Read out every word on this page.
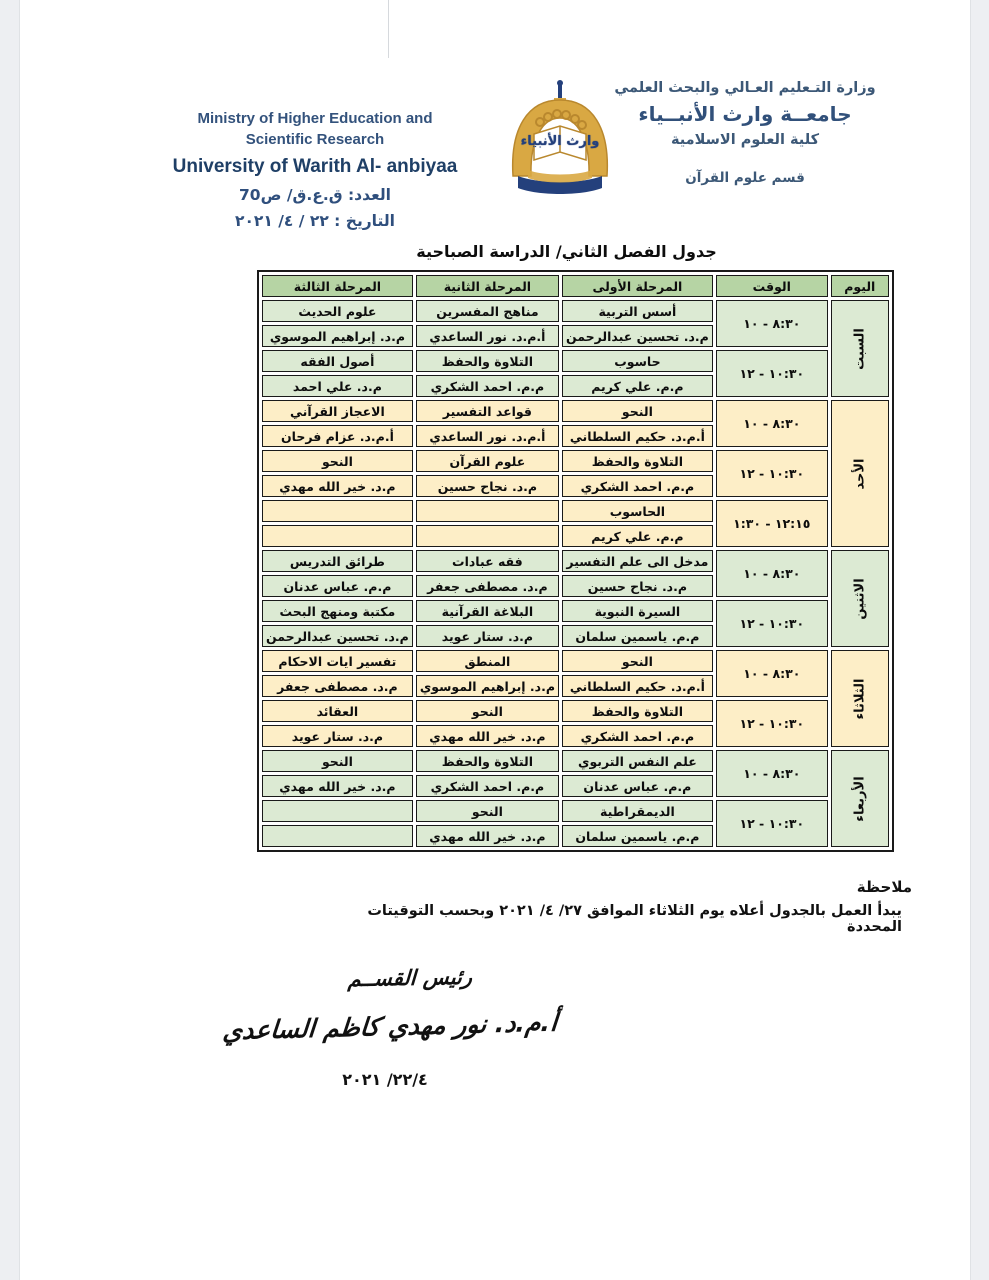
وزارة التـعليم العـالي والبحث العلمي
جامعــة وارث الأنبــياء
كلية العلوم الاسلامية
قسم علوم القرآن
وارث الأنبياء
Ministry of Higher Education and
Scientific Research
University of Warith Al- anbiyaa
العدد: ق.ع.ق/ ص70
التاريخ : ٢٢ / ٤/ ٢٠٢١
جدول الفصل الثاني/ الدراسة الصباحية
اليوم	الوقت	المرحلة الأولى	المرحلة الثانية	المرحلة الثالثة

السبت	٨:٣٠ - ١٠	أسس التربية	مناهج المفسرين	علوم الحديث
		م.د. تحسين عبدالرحمن	أ.م.د. نور الساعدي	م.د. إبراهيم الموسوي
	١٠:٣٠ - ١٢	حاسوب	التلاوة والحفظ	أصول الفقه
		م.م. علي كريم	م.م. احمد الشكري	م.د. علي احمد

الأحد	٨:٣٠ - ١٠	النحو	قواعد التفسير	الاعجاز القرآني
		أ.م.د. حكيم السلطاني	أ.م.د. نور الساعدي	أ.م.د. عزام فرحان
	١٠:٣٠ - ١٢	التلاوة والحفظ	علوم القرآن	النحو
		م.م. احمد الشكري	م.د. نجاح حسين	م.د. خير الله مهدي
	١٢:١٥ - ١:٣٠	الحاسوب		
		م.م. علي كريم		

الاثنين	٨:٣٠ - ١٠	مدخل الى علم التفسير	فقه عبادات	طرائق التدريس
		م.د. نجاح حسين	م.د. مصطفى جعفر	م.م. عباس عدنان
	١٠:٣٠ - ١٢	السيرة النبوية	البلاغة القرآنية	مكتبة ومنهج البحث
		م.م. ياسمين سلمان	م.د. ستار عويد	م.د. تحسين عبدالرحمن

الثلاثاء	٨:٣٠ - ١٠	النحو	المنطق	تفسير ايات الاحكام
		أ.م.د. حكيم السلطاني	م.د. إبراهيم الموسوي	م.د. مصطفى جعفر
	١٠:٣٠ - ١٢	التلاوة والحفظ	النحو	العقائد
		م.م. احمد الشكري	م.د. خير الله مهدي	م.د. ستار عويد

الأربعاء	٨:٣٠ - ١٠	علم النفس التربوي	التلاوة والحفظ	النحو
		م.م. عباس عدنان	م.م. احمد الشكري	م.د. خير الله مهدي
	١٠:٣٠ - ١٢	الديمقراطية	النحو	
		م.م. ياسمين سلمان	م.د. خير الله مهدي	
ملاحظة
يبدأ العمل بالجدول أعلاه يوم الثلاثاء الموافق ٢٧/ ٤/ ٢٠٢١ وبحسب التوقيتات المحددة
رئيس القســم
أ.م.د. نور مهدي كاظم الساعدي
٢٢/٤/ ٢٠٢١
